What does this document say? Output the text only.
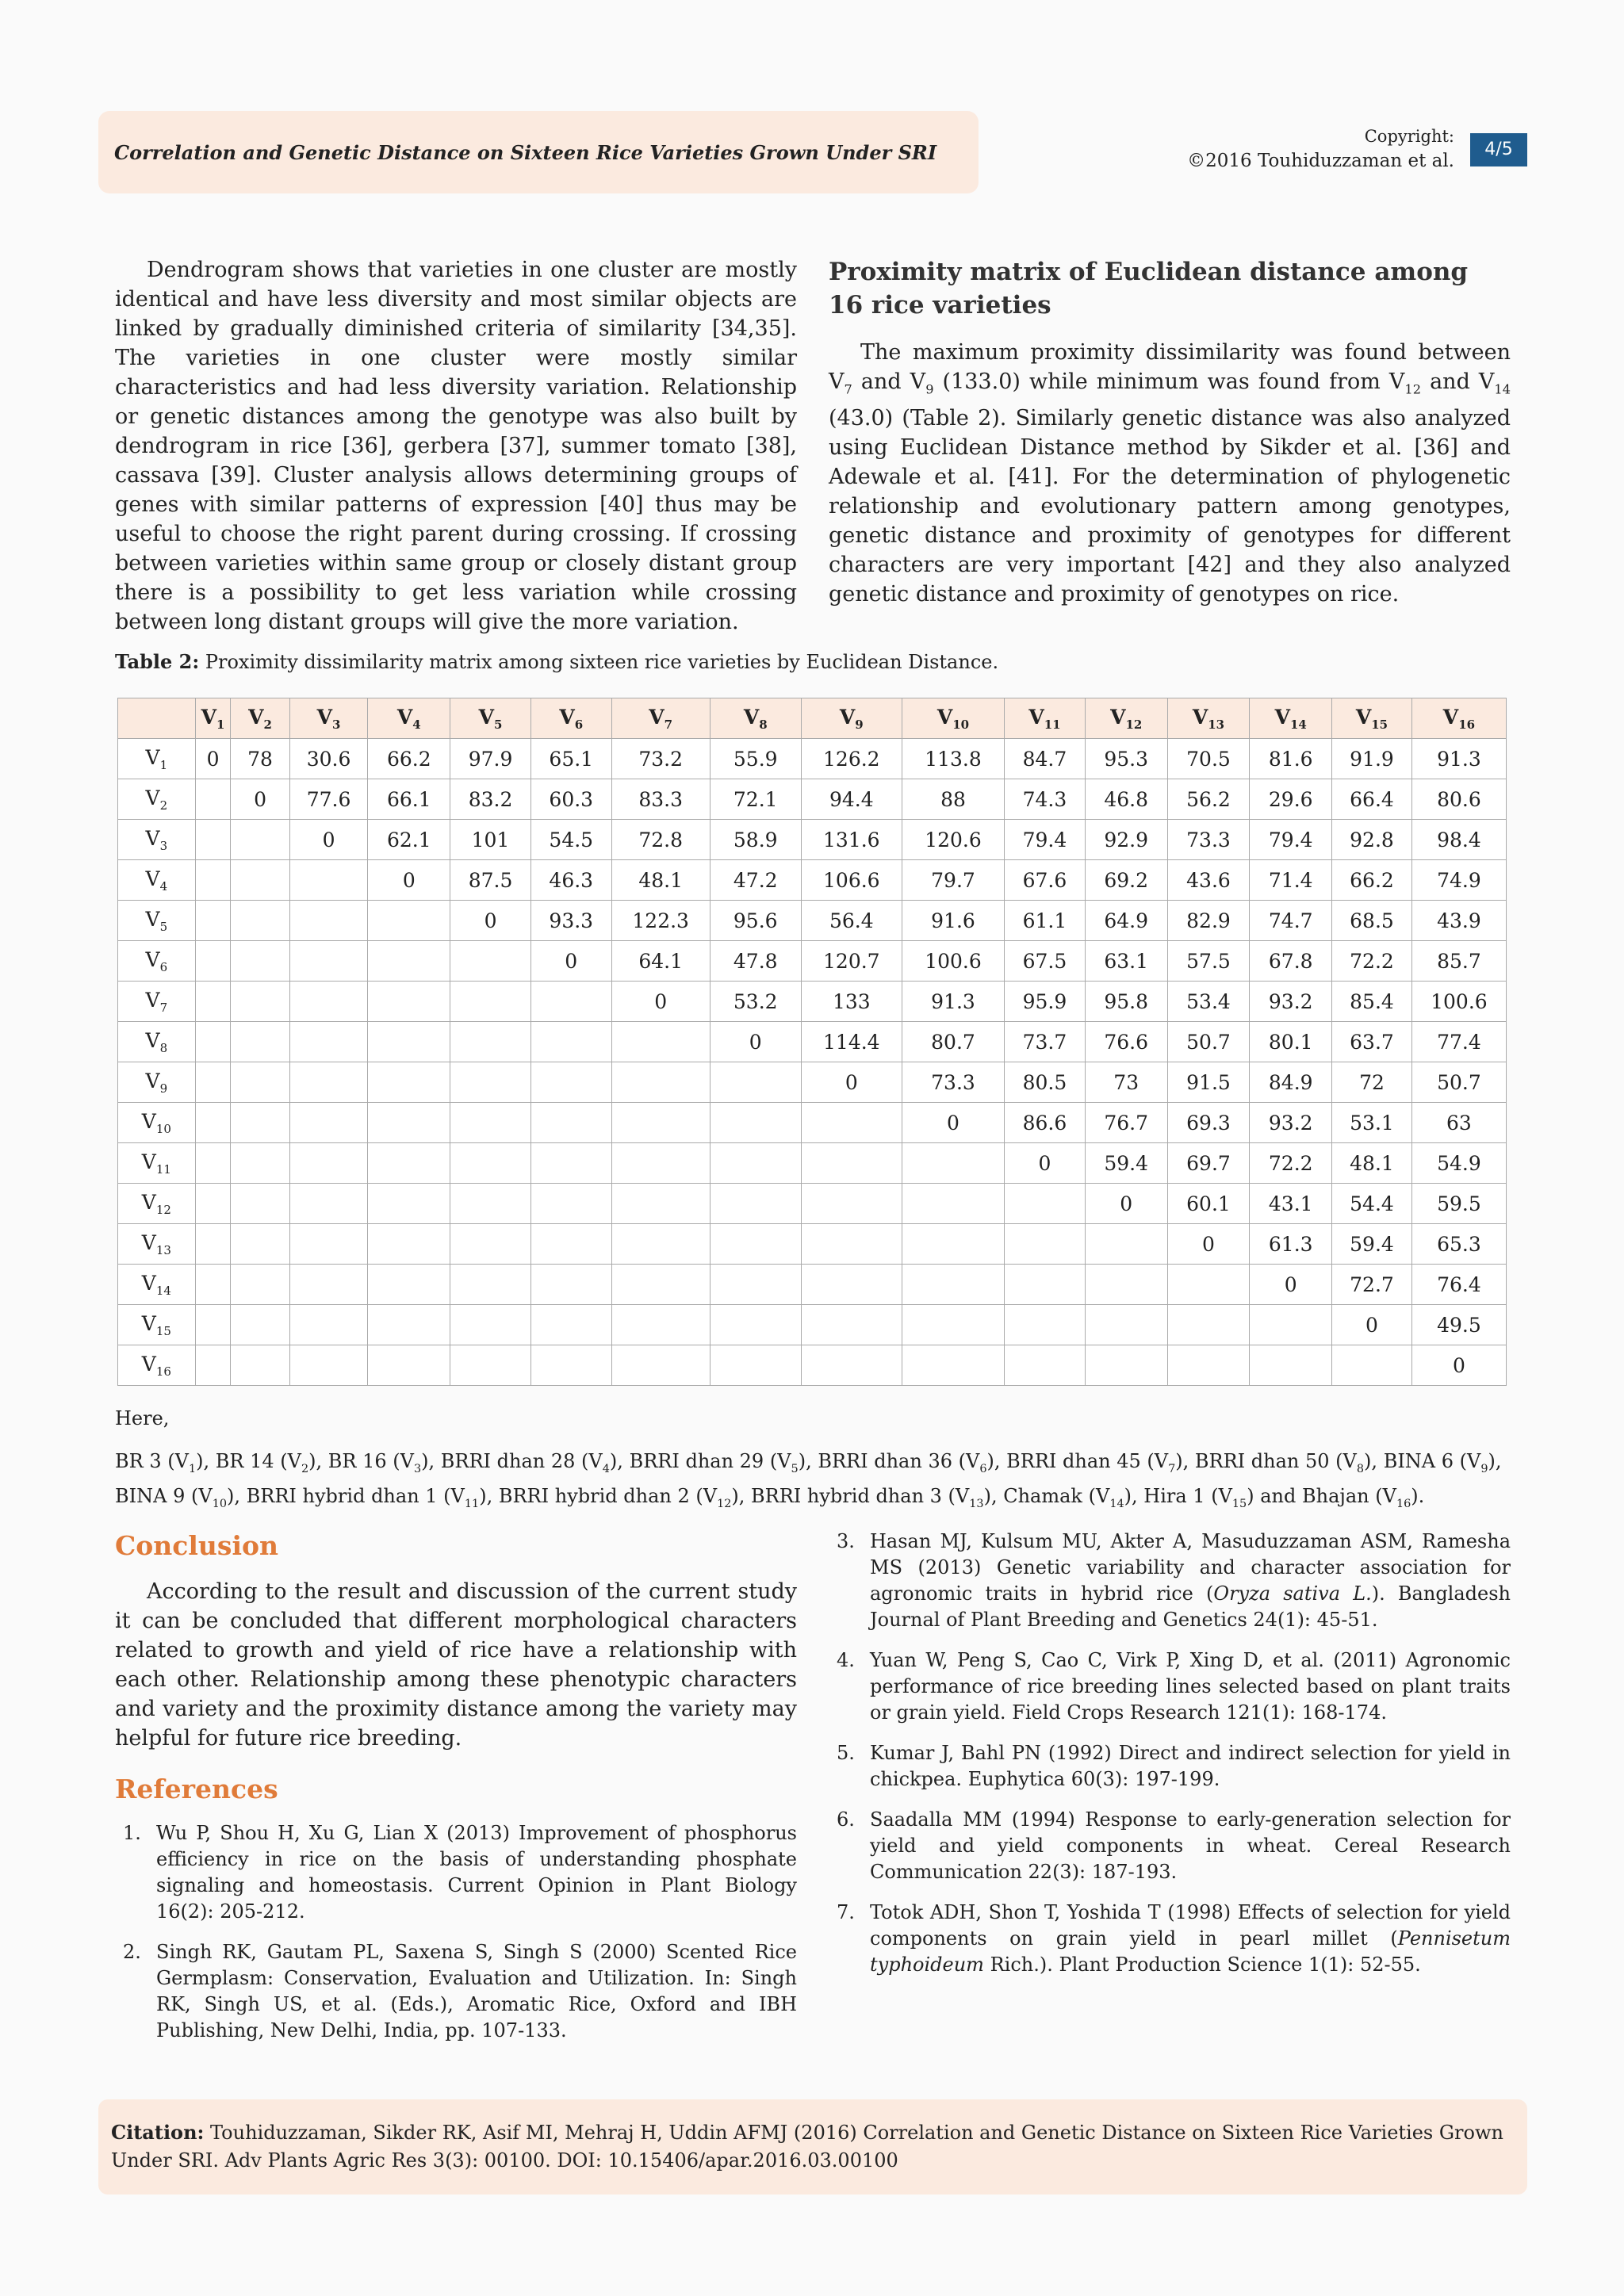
Correlation and Genetic Distance on Sixteen Rice Varieties Grown Under SRI
Copyright:
©2016 Touhiduzzaman et al.
4/5

Dendrogram shows that varieties in one cluster are mostly identical and have less diversity and most similar objects are linked by gradually diminished criteria of similarity [34,35]. The varieties in one cluster were mostly similar characteristics and had less diversity variation. Relationship or genetic distances among the genotype was also built by dendrogram in rice [36], gerbera [37], summer tomato [38], cassava [39]. Cluster analysis allows determining groups of genes with similar patterns of expression [40] thus may be useful to choose the right parent during crossing. If crossing between varieties within same group or closely distant group there is a possibility to get less variation while crossing between long distant groups will give the more variation.

Proximity matrix of Euclidean distance among 16 rice varieties

The maximum proximity dissimilarity was found between $V_7$ and $V_9$ (133.0) while minimum was found from $V_{12}$ and $V_{14}$ (43.0) (Table 2). Similarly genetic distance was also analyzed using Euclidean Distance method by Sikder et al. [36] and Adewale et al. [41]. For the determination of phylogenetic relationship and evolutionary pattern among genotypes, genetic distance and proximity of genotypes for different characters are very important [42] and they also analyzed genetic distance and proximity of genotypes on rice.

Table 2: Proximity dissimilarity matrix among sixteen rice varieties by Euclidean Distance.
	$V_1$	$V_2$	$V_3$	$V_4$	$V_5$	$V_6$	$V_7$	$V_8$	$V_9$	$V_{10}$	$V_{11}$	$V_{12}$	$V_{13}$	$V_{14}$	$V_{15}$	$V_{16}$
$V_1$	0	78	30.6	66.2	97.9	65.1	73.2	55.9	126.2	113.8	84.7	95.3	70.5	81.6	91.9	91.3
$V_2$		0	77.6	66.1	83.2	60.3	83.3	72.1	94.4	88	74.3	46.8	56.2	29.6	66.4	80.6
$V_3$			0	62.1	101	54.5	72.8	58.9	131.6	120.6	79.4	92.9	73.3	79.4	92.8	98.4
$V_4$				0	87.5	46.3	48.1	47.2	106.6	79.7	67.6	69.2	43.6	71.4	66.2	74.9
$V_5$					0	93.3	122.3	95.6	56.4	91.6	61.1	64.9	82.9	74.7	68.5	43.9
$V_6$						0	64.1	47.8	120.7	100.6	67.5	63.1	57.5	67.8	72.2	85.7
$V_7$							0	53.2	133	91.3	95.9	95.8	53.4	93.2	85.4	100.6
$V_8$								0	114.4	80.7	73.7	76.6	50.7	80.1	63.7	77.4
$V_9$									0	73.3	80.5	73	91.5	84.9	72	50.7
$V_{10}$										0	86.6	76.7	69.3	93.2	53.1	63
$V_{11}$											0	59.4	69.7	72.2	48.1	54.9
$V_{12}$												0	60.1	43.1	54.4	59.5
$V_{13}$													0	61.3	59.4	65.3
$V_{14}$														0	72.7	76.4
$V_{15}$															0	49.5
$V_{16}$																0
Here,
BR 3 $(V_1)$, BR 14 $(V_2)$, BR 16 $(V_3)$, BRRI dhan 28 $(V_4)$, BRRI dhan 29 $(V_5)$, BRRI dhan 36 $(V_6)$, BRRI dhan 45 $(V_7)$, BRRI dhan 50 $(V_8)$, BINA 6 $(V_9)$, BINA 9 $(V_{10})$, BRRI hybrid dhan 1 $(V_{11})$, BRRI hybrid dhan 2 $(V_{12})$, BRRI hybrid dhan 3 $(V_{13})$, Chamak $(V_{14})$, Hira 1 $(V_{15})$ and Bhajan $(V_{16})$.
Conclusion

According to the result and discussion of the current study it can be concluded that different morphological characters related to growth and yield of rice have a relationship with each other. Relationship among these phenotypic characters and variety and the proximity distance among the variety may helpful for future rice breeding.

References
1. Wu P, Shou H, Xu G, Lian X (2013) Improvement of phosphorus efficiency in rice on the basis of understanding phosphate signaling and homeostasis. Current Opinion in Plant Biology 16(2): 205-212.
2. Singh RK, Gautam PL, Saxena S, Singh S (2000) Scented Rice Germplasm: Conservation, Evaluation and Utilization. In: Singh RK, Singh US, et al. (Eds.), Aromatic Rice, Oxford and IBH Publishing, New Delhi, India, pp. 107-133.
3. Hasan MJ, Kulsum MU, Akter A, Masuduzzaman ASM, Ramesha MS (2013) Genetic variability and character association for agronomic traits in hybrid rice (Oryza sativa L.). Bangladesh Journal of Plant Breeding and Genetics 24(1): 45-51.
4. Yuan W, Peng S, Cao C, Virk P, Xing D, et al. (2011) Agronomic performance of rice breeding lines selected based on plant traits or grain yield. Field Crops Research 121(1): 168-174.
5. Kumar J, Bahl PN (1992) Direct and indirect selection for yield in chickpea. Euphytica 60(3): 197-199.
6. Saadalla MM (1994) Response to early-generation selection for yield and yield components in wheat. Cereal Research Communication 22(3): 187-193.
7. Totok ADH, Shon T, Yoshida T (1998) Effects of selection for yield components on grain yield in pearl millet (Pennisetum typhoideum Rich.). Plant Production Science 1(1): 52-55.
Citation: Touhiduzzaman, Sikder RK, Asif MI, Mehraj H, Uddin AFMJ (2016) Correlation and Genetic Distance on Sixteen Rice Varieties Grown Under SRI. Adv Plants Agric Res 3(3): 00100. DOI: 10.15406/apar.2016.03.00100
